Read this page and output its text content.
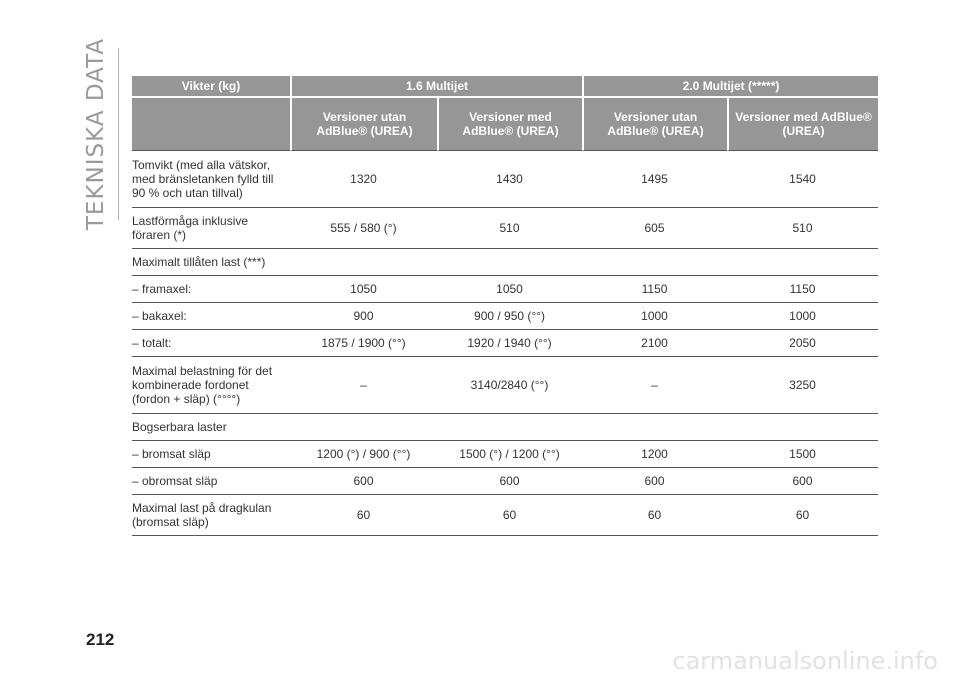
TEKNISKA DATA	Vikter (kg)	1.6 Multijet		2.0 Multijet (*****)	
	Versioner utan AdBlue® (UREA)	Versioner med AdBlue® (UREA)	Versioner utan AdBlue® (UREA)	Versioner med AdBlue® (UREA)
Tomvikt (med alla vätskor, med bränsletanken fylld till 90 % och utan tillval)	1320	1430	1495	1540
Lastförmåga inklusive föraren (*)	555 / 580 (°)	510	605	510
Maximalt tillåten last (***)				
– framaxel:	1050	1050	1150	1150
– bakaxel:	900	900 / 950 (°°)	1000	1000
– totalt:	1875 / 1900 (°°)	1920 / 1940 (°°)	2100	2050
Maximal belastning för det kombinerade fordonet (fordon + släp) (°°°°)	–	3140/2840 (°°)	–	3250
Bogserbara laster				
– bromsat släp	1200 (°) / 900 (°°)	1500 (°) / 1200 (°°)	1200	1500
– obromsat släp	600	600	600	600
Maximal last på dragkulan (bromsat släp)	60	60	60	60
212
carmanualsonline.info
